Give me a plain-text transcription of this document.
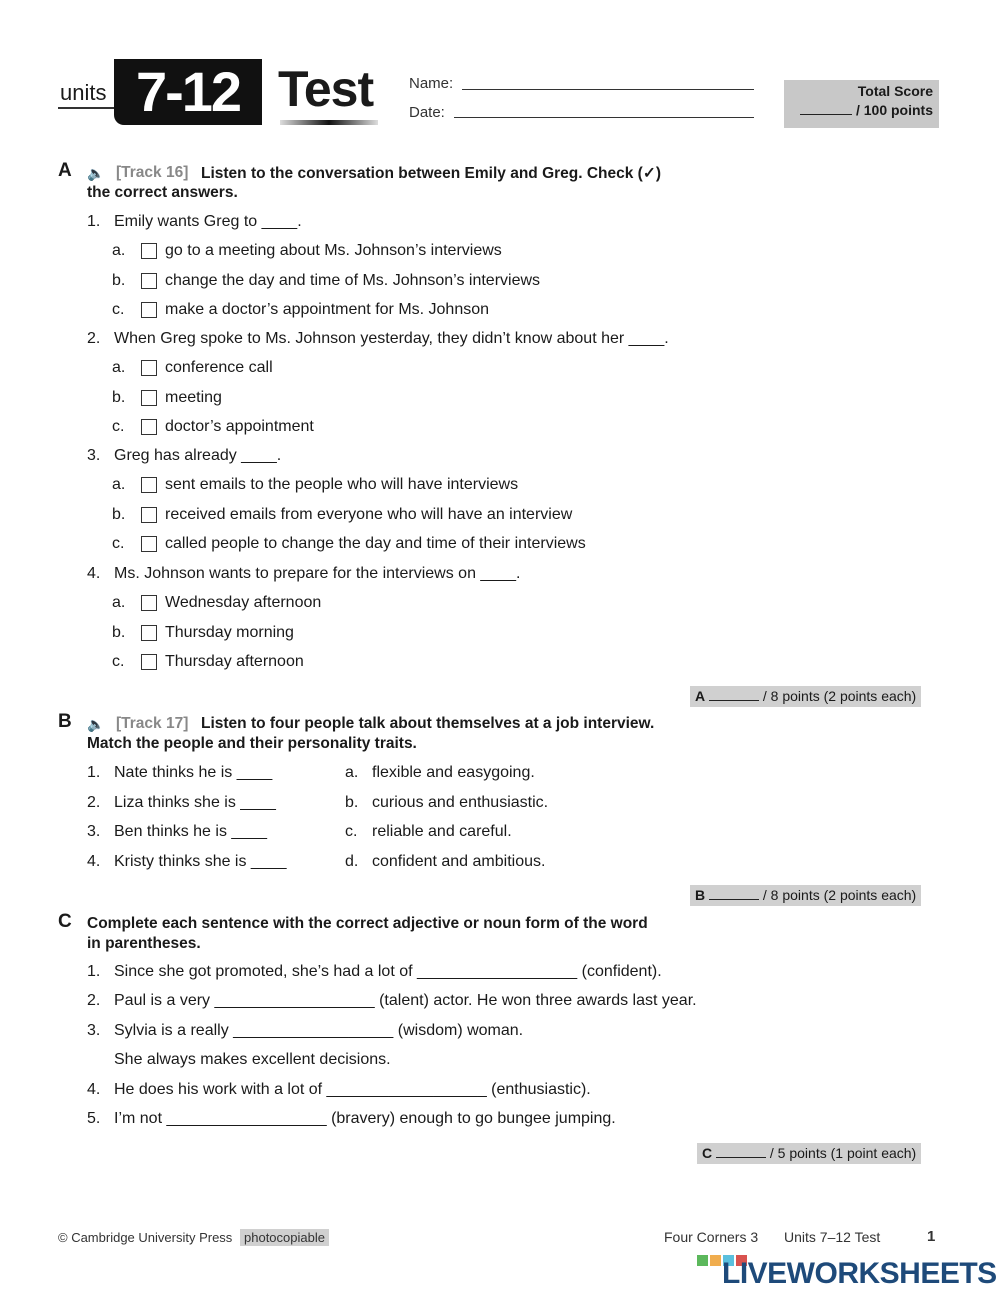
units 7-12 Test Name:
Date:
Total Score
/ 100 points
A 🔈 [Track 16] Listen to the conversation between Emily and Greg. Check (✓)
the correct answers.
1. Emily wants Greg to ____.
a. go to a meeting about Ms. Johnson’s interviews
b. change the day and time of Ms. Johnson’s interviews
c.	make a doctor’s appointment for Ms. Johnson
2. When Greg spoke to Ms. Johnson yesterday, they didn’t know about her ____.
a. conference call
b. meeting
c.	doctor’s appointment
3. Greg has already ____.
a. sent emails to the people who will have interviews
b. received emails from everyone who will have an interview
c.	called people to change the day and time of their interviews
4. Ms. Johnson wants to prepare for the interviews on ____.
a. Wednesday afternoon
b. Thursday morning
c.	Thursday afternoon
A	/ 8 points (2 points each)
B 🔈 [Track 17] Listen to four people talk about themselves at a job interview.
Match the people and their personality traits.
1. Nate thinks he is ____	a. flexible and easygoing.
2. Liza thinks she is ____	b. curious and enthusiastic.
3. Ben thinks he is ____	c. reliable and careful.
4. Kristy thinks she is ____	d. confident and ambitious.
B	/ 8 points (2 points each)
C Complete each sentence with the correct adjective or noun form of the word
in parentheses.
1. Since she got promoted, she’s had a lot of __________________ (confident).
2. Paul is a very __________________ (talent) actor. He won three awards last year.
3. Sylvia is a really __________________ (wisdom) woman.
She always makes excellent decisions.
4. He does his work with a lot of __________________ (enthusiastic).
5. I’m not __________________ (bravery) enough to go bungee jumping.
C	/ 5 points (1 point each)
© Cambridge University Press photocopiable	Four Corners 3 Units 7–12 Test	1
LIVEWORKSHEETS
